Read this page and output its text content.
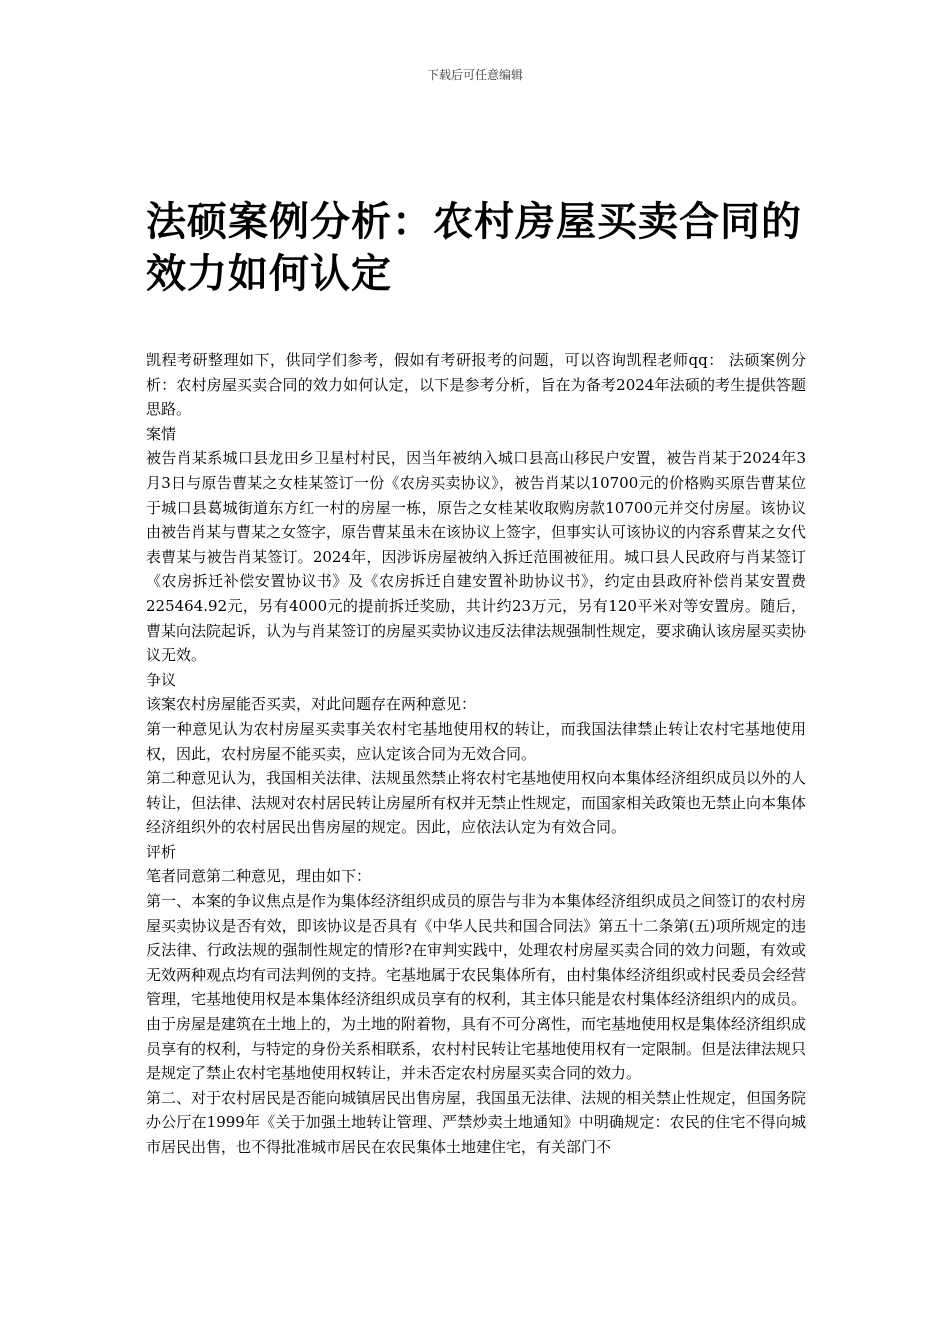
下载后可任意编辑
法硕案例分析：农村房屋买卖合同的效力如何认定

凯程考研整理如下，供同学们参考，假如有考研报考的问题，可以咨询凯程老师qq： 法硕案例分析：农村房屋买卖合同的效力如何认定，以下是参考分析，旨在为备考2024年法硕的考生提供答题思路。

案情

被告肖某系城口县龙田乡卫星村村民，因当年被纳入城口县高山移民户安置，被告肖某于2024年3月3日与原告曹某之女桂某签订一份《农房买卖协议》，被告肖某以10700元的价格购买原告曹某位于城口县葛城街道东方红一村的房屋一栋，原告之女桂某收取购房款10700元并交付房屋。该协议由被告肖某与曹某之女签字，原告曹某虽未在该协议上签字，但事实认可该协议的内容系曹某之女代表曹某与被告肖某签订。2024年，因涉诉房屋被纳入拆迁范围被征用。城口县人民政府与肖某签订《农房拆迁补偿安置协议书》及《农房拆迁自建安置补助协议书》，约定由县政府补偿肖某安置费225464.92元，另有4000元的提前拆迁奖励，共计约23万元，另有120平米对等安置房。随后，曹某向法院起诉，认为与肖某签订的房屋买卖协议违反法律法规强制性规定，要求确认该房屋买卖协议无效。

争议

该案农村房屋能否买卖，对此问题存在两种意见：

第一种意见认为农村房屋买卖事关农村宅基地使用权的转让，而我国法律禁止转让农村宅基地使用权，因此，农村房屋不能买卖，应认定该合同为无效合同。

第二种意见认为，我国相关法律、法规虽然禁止将农村宅基地使用权向本集体经济组织成员以外的人转让，但法律、法规对农村居民转让房屋所有权并无禁止性规定，而国家相关政策也无禁止向本集体经济组织外的农村居民出售房屋的规定。因此，应依法认定为有效合同。

评析

笔者同意第二种意见，理由如下：

第一、本案的争议焦点是作为集体经济组织成员的原告与非为本集体经济组织成员之间签订的农村房屋买卖协议是否有效，即该协议是否具有《中华人民共和国合同法》第五十二条第(五)项所规定的违反法律、行政法规的强制性规定的情形?在审判实践中，处理农村房屋买卖合同的效力问题，有效或无效两种观点均有司法判例的支持。宅基地属于农民集体所有，由村集体经济组织或村民委员会经营管理，宅基地使用权是本集体经济组织成员享有的权利，其主体只能是农村集体经济组织内的成员。由于房屋是建筑在土地上的，为土地的附着物，具有不可分离性，而宅基地使用权是集体经济组织成员享有的权利，与特定的身份关系相联系，农村村民转让宅基地使用权有一定限制。但是法律法规只是规定了禁止农村宅基地使用权转让，并未否定农村房屋买卖合同的效力。

第二、对于农村居民是否能向城镇居民出售房屋，我国虽无法律、法规的相关禁止性规定，但国务院办公厅在1999年《关于加强土地转让管理、严禁炒卖土地通知》中明确规定：农民的住宅不得向城市居民出售，也不得批准城市居民在农民集体土地建住宅，有关部门不
